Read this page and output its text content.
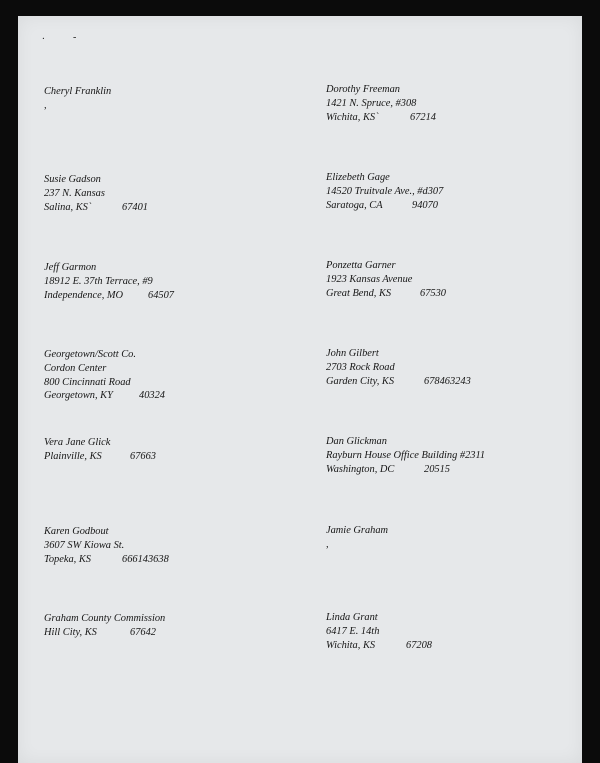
·	-
Cheryl Franklin
,
Dorothy Freeman
1421 N. Spruce, #308
Wichita, KS`	67214
Susie Gadson
237 N. Kansas
Salina, KS`	67401
Elizebeth Gage
14520 Truitvale Ave., #d307
Saratoga, CA	94070
Jeff Garmon
18912 E. 37th Terrace, #9
Independence, MO 64507
Ponzetta Garner
1923 Kansas Avenue
Great Bend, KS	67530
Georgetown/Scott Co.
Cordon Center
800 Cincinnati Road
Georgetown, KY	40324
John Gilbert
2703 Rock Road
Garden City, KS	678463243
Vera Jane Glick
Plainville, KS	67663
Dan Glickman
Rayburn House Office Building #2311
Washington, DC	20515
Karen Godbout
3607 SW Kiowa St.
Topeka, KS	666143638
Jamie Graham
,
Graham County Commission
Hill City, KS	67642
Linda Grant
6417 E. 14th
Wichita, KS	67208
